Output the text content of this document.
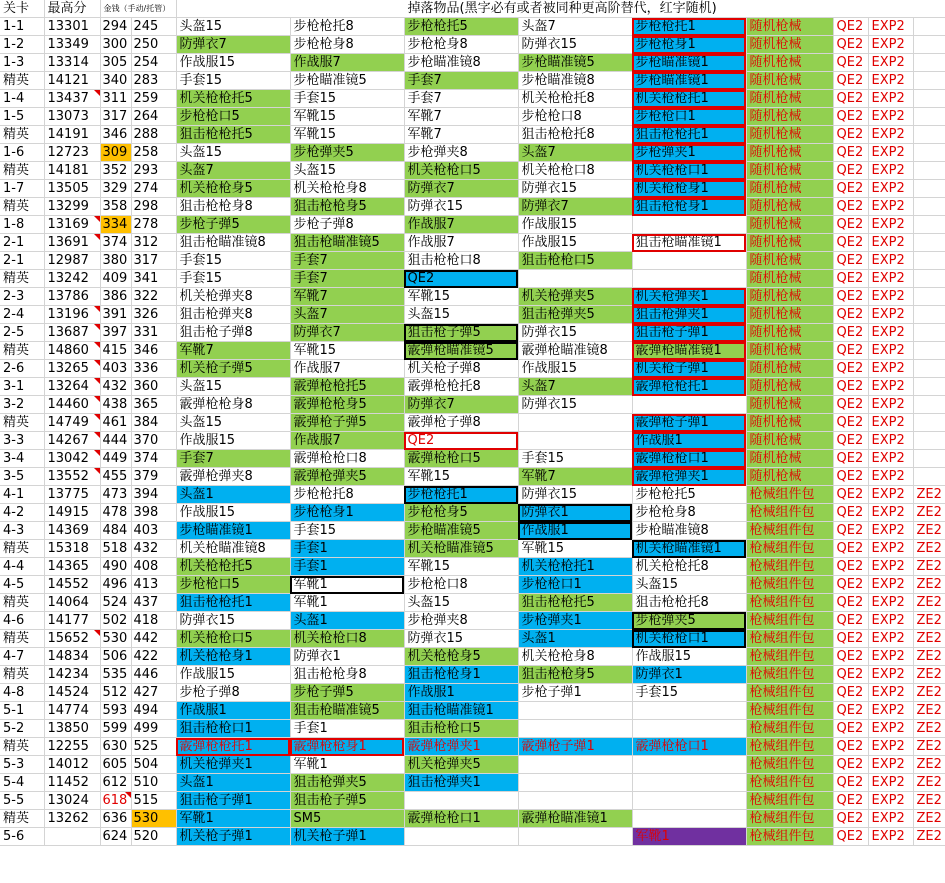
关卡	最高分	金钱（手动/托管）		掉落物品(黑字必有或者被同种更高阶替代，红字随机)								
1-1	13301	294	245	头盔15	步枪枪托8	步枪枪托5	头盔7	步枪枪托1	随机枪械	QE2	EXP2	
1-2	13349	300	250	防弹衣7	步枪枪身8	步枪枪身8	防弹衣15	步枪枪身1	随机枪械	QE2	EXP2	
1-3	13314	305	254	作战服15	作战服7	步枪瞄准镜8	步枪瞄准镜5	步枪瞄准镜1	随机枪械	QE2	EXP2	
精英	14121	340	283	手套15	步枪瞄准镜5	手套7	步枪瞄准镜8	步枪瞄准镜1	随机枪械	QE2	EXP2	
1-4	13437	311	259	机关枪枪托5	手套15	手套7	机关枪枪托8	机关枪枪托1	随机枪械	QE2	EXP2	
1-5	13073	317	264	步枪枪口5	军靴15	军靴7	步枪枪口8	步枪枪口1	随机枪械	QE2	EXP2	
精英	14191	346	288	狙击枪枪托5	军靴15	军靴7	狙击枪枪托8	狙击枪枪托1	随机枪械	QE2	EXP2	
1-6	12723	309	258	头盔15	步枪弹夹5	步枪弹夹8	头盔7	步枪弹夹1	随机枪械	QE2	EXP2	
精英	14181	352	293	头盔7	头盔15	机关枪枪口5	机关枪枪口8	机关枪枪口1	随机枪械	QE2	EXP2	
1-7	13505	329	274	机关枪枪身5	机关枪枪身8	防弹衣7	防弹衣15	机关枪枪身1	随机枪械	QE2	EXP2	
精英	13299	358	298	狙击枪枪身8	狙击枪枪身5	防弹衣15	防弹衣7	狙击枪枪身1	随机枪械	QE2	EXP2	
1-8	13169	334	278	步枪子弹5	步枪子弹8	作战服7	作战服15		随机枪械	QE2	EXP2	
2-1	13691	374	312	狙击枪瞄准镜8	狙击枪瞄准镜5	作战服7	作战服15	狙击枪瞄准镜1	随机枪械	QE2	EXP2	
2-1	12987	380	317	手套15	手套7	狙击枪枪口8	狙击枪枪口5		随机枪械	QE2	EXP2	
精英	13242	409	341	手套15	手套7	QE2			随机枪械	QE2	EXP2	
2-3	13786	386	322	机关枪弹夹8	军靴7	军靴15	机关枪弹夹5	机关枪弹夹1	随机枪械	QE2	EXP2	
2-4	13196	391	326	狙击枪弹夹8	头盔7	头盔15	狙击枪弹夹5	狙击枪弹夹1	随机枪械	QE2	EXP2	
2-5	13687	397	331	狙击枪子弹8	防弹衣7	狙击枪子弹5	防弹衣15	狙击枪子弹1	随机枪械	QE2	EXP2	
精英	14860	415	346	军靴7	军靴15	霰弹枪瞄准镜5	霰弹枪瞄准镜8	霰弹枪瞄准镜1	随机枪械	QE2	EXP2	
2-6	13265	403	336	机关枪子弹5	作战服7	机关枪子弹8	作战服15	机关枪子弹1	随机枪械	QE2	EXP2	
3-1	13264	432	360	头盔15	霰弹枪枪托5	霰弹枪枪托8	头盔7	霰弹枪枪托1	随机枪械	QE2	EXP2	
3-2	14460	438	365	霰弹枪枪身8	霰弹枪枪身5	防弹衣7	防弹衣15		随机枪械	QE2	EXP2	
精英	14749	461	384	头盔15	霰弹枪子弹5	霰弹枪子弹8		霰弹枪子弹1	随机枪械	QE2	EXP2	
3-3	14267	444	370	作战服15	作战服7	QE2		作战服1	随机枪械	QE2	EXP2	
3-4	13042	449	374	手套7	霰弹枪枪口8	霰弹枪枪口5	手套15	霰弹枪枪口1	随机枪械	QE2	EXP2	
3-5	13552	455	379	霰弹枪弹夹8	霰弹枪弹夹5	军靴15	军靴7	霰弹枪弹夹1	随机枪械	QE2	EXP2	
4-1	13775	473	394	头盔1	步枪枪托8	步枪枪托1	防弹衣15	步枪枪托5	枪械组件包	QE2	EXP2	ZE2
4-2	14915	478	398	作战服15	步枪枪身1	步枪枪身5	防弹衣1	步枪枪身8	枪械组件包	QE2	EXP2	ZE2
4-3	14369	484	403	步枪瞄准镜1	手套15	步枪瞄准镜5	作战服1	步枪瞄准镜8	枪械组件包	QE2	EXP2	ZE2
精英	15318	518	432	机关枪瞄准镜8	手套1	机关枪瞄准镜5	军靴15	机关枪瞄准镜1	枪械组件包	QE2	EXP2	ZE2
4-4	14365	490	408	机关枪枪托5	手套1	军靴15	机关枪枪托1	机关枪枪托8	枪械组件包	QE2	EXP2	ZE2
4-5	14552	496	413	步枪枪口5	军靴1	步枪枪口8	步枪枪口1	头盔15	枪械组件包	QE2	EXP2	ZE2
精英	14064	524	437	狙击枪枪托1	军靴1	头盔15	狙击枪枪托5	狙击枪枪托8	枪械组件包	QE2	EXP2	ZE2
4-6	14177	502	418	防弹衣15	头盔1	步枪弹夹8	步枪弹夹1	步枪弹夹5	枪械组件包	QE2	EXP2	ZE2
精英	15652	530	442	机关枪枪口5	机关枪枪口8	防弹衣15	头盔1	机关枪枪口1	枪械组件包	QE2	EXP2	ZE2
4-7	14834	506	422	机关枪枪身1	防弹衣1	机关枪枪身5	机关枪枪身8	作战服15	枪械组件包	QE2	EXP2	ZE2
精英	14234	535	446	作战服15	狙击枪枪身8	狙击枪枪身1	狙击枪枪身5	防弹衣1	枪械组件包	QE2	EXP2	ZE2
4-8	14524	512	427	步枪子弹8	步枪子弹5	作战服1	步枪子弹1	手套15	枪械组件包	QE2	EXP2	ZE2
5-1	14774	593	494	作战服1	狙击枪瞄准镜5	狙击枪瞄准镜1			枪械组件包	QE2	EXP2	ZE2
5-2	13850	599	499	狙击枪枪口1	手套1	狙击枪枪口5			枪械组件包	QE2	EXP2	ZE2
精英	12255	630	525	霰弹枪枪托1	霰弹枪枪身1	霰弹枪弹夹1	霰弹枪子弹1	霰弹枪枪口1	枪械组件包	QE2	EXP2	ZE2
5-3	14012	605	504	机关枪弹夹1	军靴1	机关枪弹夹5			枪械组件包	QE2	EXP2	ZE2
5-4	11452	612	510	头盔1	狙击枪弹夹5	狙击枪弹夹1			枪械组件包	QE2	EXP2	ZE2
5-5	13024	618	515	狙击枪子弹1	狙击枪子弹5				枪械组件包	QE2	EXP2	ZE2
精英	13262	636	530	军靴1	SM5	霰弹枪枪口1	霰弹枪瞄准镜1		枪械组件包	QE2	EXP2	ZE2
5-6		624	520	机关枪子弹1	机关枪子弹1			军靴1	枪械组件包	QE2	EXP2	ZE2
